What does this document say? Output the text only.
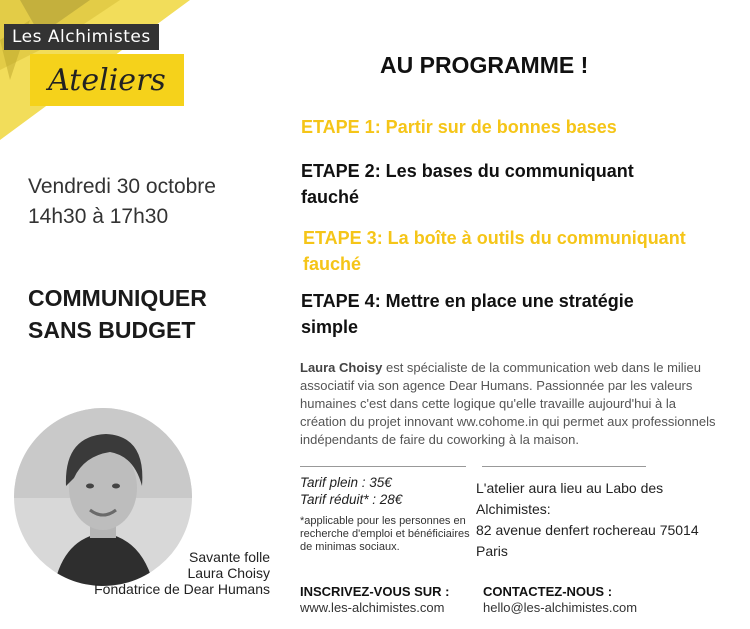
Les Alchimistes
Ateliers
Vendredi 30 octobre
14h30 à 17h30
COMMUNIQUER
SANS BUDGET
Savante folle
Laura Choisy
Fondatrice de Dear Humans
AU PROGRAMME !
ETAPE 1: Partir sur de bonnes bases
ETAPE 2: Les bases du communiquant
fauché
ETAPE 3: La boîte à outils du communiquant
fauché
ETAPE 4: Mettre en place une stratégie
simple
Laura Choisy est spécialiste de la communication web dans le milieu associatif via son agence Dear Humans. Passionnée par les valeurs humaines c'est dans cette logique qu'elle travaille aujourd'hui à la création du projet innovant ww.cohome.in qui permet aux professionnels indépendants de faire du coworking à la maison.
Tarif plein : 35€
Tarif réduit* : 28€
*applicable pour les personnes en recherche d'emploi et bénéficiaires de minimas sociaux.
L'atelier aura lieu au Labo des
Alchimistes:
82 avenue denfert rochereau 75014
Paris
INSCRIVEZ-VOUS SUR :
www.les-alchimistes.com
CONTACTEZ-NOUS :
hello@les-alchimistes.com
